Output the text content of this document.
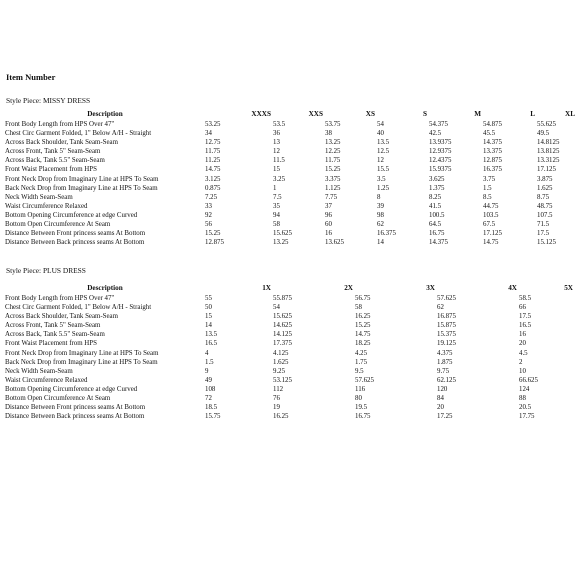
Item Number
Style Piece: MISSY DRESS
Description	XXXS	XXS	XS	S	M	L	XL
Front Body Length from HPS Over 47"	53.25	53.5	53.75	54	54.375	54.875	55.625
Chest Circ Garment Folded, 1" Below A/H - Straight	34	36	38	40	42.5	45.5	49.5
Across Back Shoulder, Tank Seam-Seam	12.75	13	13.25	13.5	13.9375	14.375	14.8125
Across Front, Tank 5" Seam-Seam	11.75	12	12.25	12.5	12.9375	13.375	13.8125
Across Back, Tank 5.5" Seam-Seam	11.25	11.5	11.75	12	12.4375	12.875	13.3125
Front Waist Placement from HPS	14.75	15	15.25	15.5	15.9375	16.375	17.125
Front Neck Drop from Imaginary Line at HPS To Seam	3.125	3.25	3.375	3.5	3.625	3.75	3.875
Back Neck Drop from Imaginary Line at HPS To Seam	0.875	1	1.125	1.25	1.375	1.5	1.625
Neck Width Seam-Seam	7.25	7.5	7.75	8	8.25	8.5	8.75
Waist Circumference Relaxed	33	35	37	39	41.5	44.75	48.75
Bottom Opening Circumference at edge Curved	92	94	96	98	100.5	103.5	107.5
Bottom Open Circumference At Seam	56	58	60	62	64.5	67.5	71.5
Distance Between Front princess seams At Bottom	15.25	15.625	16	16.375	16.75	17.125	17.5
Distance Between Back princess seams At Bottom	12.875	13.25	13.625	14	14.375	14.75	15.125
Style Piece: PLUS DRESS
Description	1X	2X	3X	4X	5X
Front Body Length from HPS Over 47"	55	55.875	56.75	57.625	58.5
Chest Circ Garment Folded, 1" Below A/H - Straight	50	54	58	62	66
Across Back Shoulder, Tank Seam-Seam	15	15.625	16.25	16.875	17.5
Across Front, Tank 5" Seam-Seam	14	14.625	15.25	15.875	16.5
Across Back, Tank 5.5" Seam-Seam	13.5	14.125	14.75	15.375	16
Front Waist Placement from HPS	16.5	17.375	18.25	19.125	20
Front Neck Drop from Imaginary Line at HPS To Seam	4	4.125	4.25	4.375	4.5
Back Neck Drop from Imaginary Line at HPS To Seam	1.5	1.625	1.75	1.875	2
Neck Width Seam-Seam	9	9.25	9.5	9.75	10
Waist Circumference Relaxed	49	53.125	57.625	62.125	66.625
Bottom Opening Circumference at edge Curved	108	112	116	120	124
Bottom Open Circumference At Seam	72	76	80	84	88
Distance Between Front princess seams At Bottom	18.5	19	19.5	20	20.5
Distance Between Back princess seams At Bottom	15.75	16.25	16.75	17.25	17.75
